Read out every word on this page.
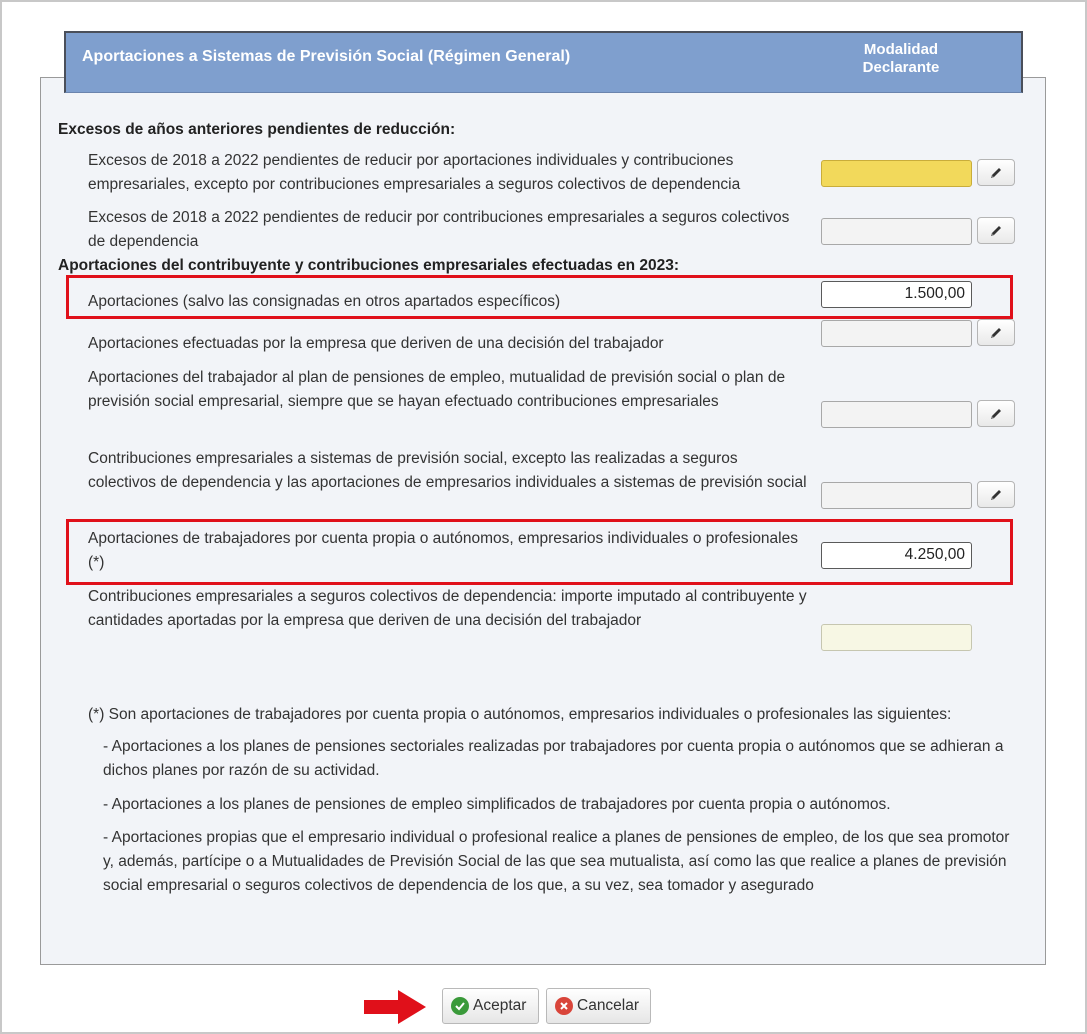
Aportaciones a Sistemas de Previsión Social (Régimen General)	Modalidad
Declarante
Excesos de años anteriores pendientes de reducción:
Excesos de 2018 a 2022 pendientes de reducir por aportaciones individuales y contribuciones empresariales, excepto por contribuciones empresariales a seguros colectivos de dependencia
Excesos de 2018 a 2022 pendientes de reducir por contribuciones empresariales a seguros colectivos de dependencia
Aportaciones del contribuyente y contribuciones empresariales efectuadas en 2023:
Aportaciones (salvo las consignadas en otros apartados específicos)	1.500,00
Aportaciones efectuadas por la empresa que deriven de una decisión del trabajador
Aportaciones del trabajador al plan de pensiones de empleo, mutualidad de previsión social o plan de previsión social empresarial, siempre que se hayan efectuado contribuciones empresariales
Contribuciones empresariales a sistemas de previsión social, excepto las realizadas a seguros colectivos de dependencia y las aportaciones de empresarios individuales a sistemas de previsión social
Aportaciones de trabajadores por cuenta propia o autónomos, empresarios individuales o profesionales (*)	4.250,00
Contribuciones empresariales a seguros colectivos de dependencia: importe imputado al contribuyente y cantidades aportadas por la empresa que deriven de una decisión del trabajador
(*) Son aportaciones de trabajadores por cuenta propia o autónomos, empresarios individuales o profesionales las siguientes:
- Aportaciones a los planes de pensiones sectoriales realizadas por trabajadores por cuenta propia o autónomos que se adhieran a dichos planes por razón de su actividad.
- Aportaciones a los planes de pensiones de empleo simplificados de trabajadores por cuenta propia o autónomos.
- Aportaciones propias que el empresario individual o profesional realice a planes de pensiones de empleo, de los que sea promotor y, además, partícipe o a Mutualidades de Previsión Social de las que sea mutualista, así como las que realice a planes de previsión social empresarial o seguros colectivos de dependencia de los que, a su vez, sea tomador y asegurado
Aceptar	Cancelar
